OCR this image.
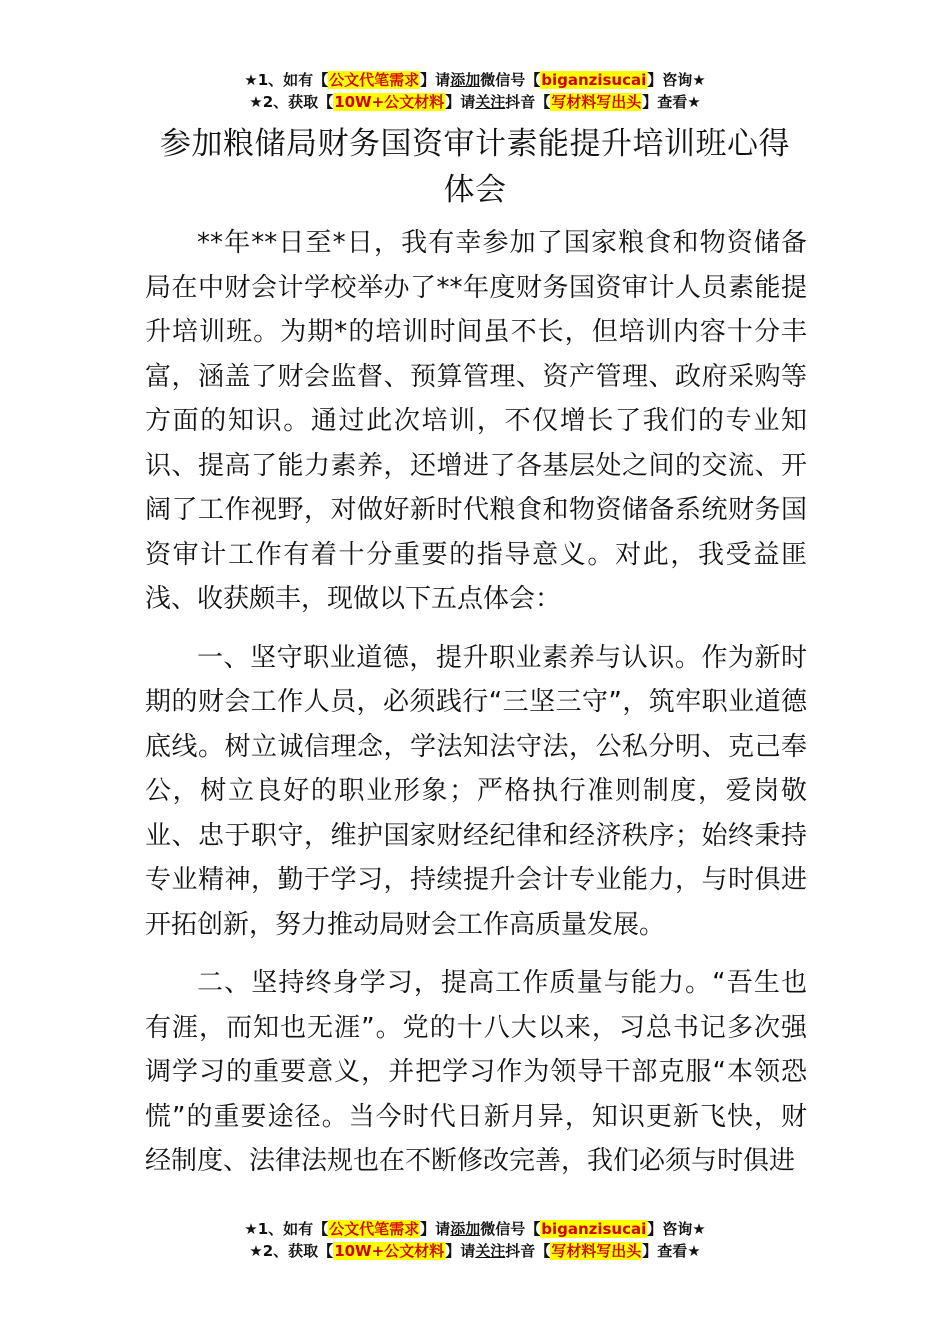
★1、如有【公文代笔需求】请添加微信号【biganzisucai】咨询★
★2、获取【10W+公文材料】请关注抖音【写材料写出头】查看★
参加粮储局财务国资审计素能提升培训班心得体会

**年**日至*日，我有幸参加了国家粮食和物资储备局在中财会计学校举办了**年度财务国资审计人员素能提升培训班。为期*的培训时间虽不长，但培训内容十分丰富，涵盖了财会监督、预算管理、资产管理、政府采购等方面的知识。通过此次培训，不仅增长了我们的专业知识、提高了能力素养，还增进了各基层处之间的交流、开阔了工作视野，对做好新时代粮食和物资储备系统财务国资审计工作有着十分重要的指导意义。对此，我受益匪浅、收获颇丰，现做以下五点体会：

一、坚守职业道德，提升职业素养与认识。作为新时期的财会工作人员，必须践行“三坚三守”，筑牢职业道德底线。树立诚信理念，学法知法守法，公私分明、克己奉公，树立良好的职业形象；严格执行准则制度，爱岗敬业、忠于职守，维护国家财经纪律和经济秩序；始终秉持专业精神，勤于学习，持续提升会计专业能力，与时俱进开拓创新，努力推动局财会工作高质量发展。

二、坚持终身学习，提高工作质量与能力。“吾生也有涯，而知也无涯”。党的十八大以来，习总书记多次强调学习的重要意义，并把学习作为领导干部克服“本领恐慌”的重要途径。当今时代日新月异，知识更新飞快，财经制度、法律法规也在不断修改完善，我们必须与时俱进

★1、如有【公文代笔需求】请添加微信号【biganzisucai】咨询★
★2、获取【10W+公文材料】请关注抖音【写材料写出头】查看★
